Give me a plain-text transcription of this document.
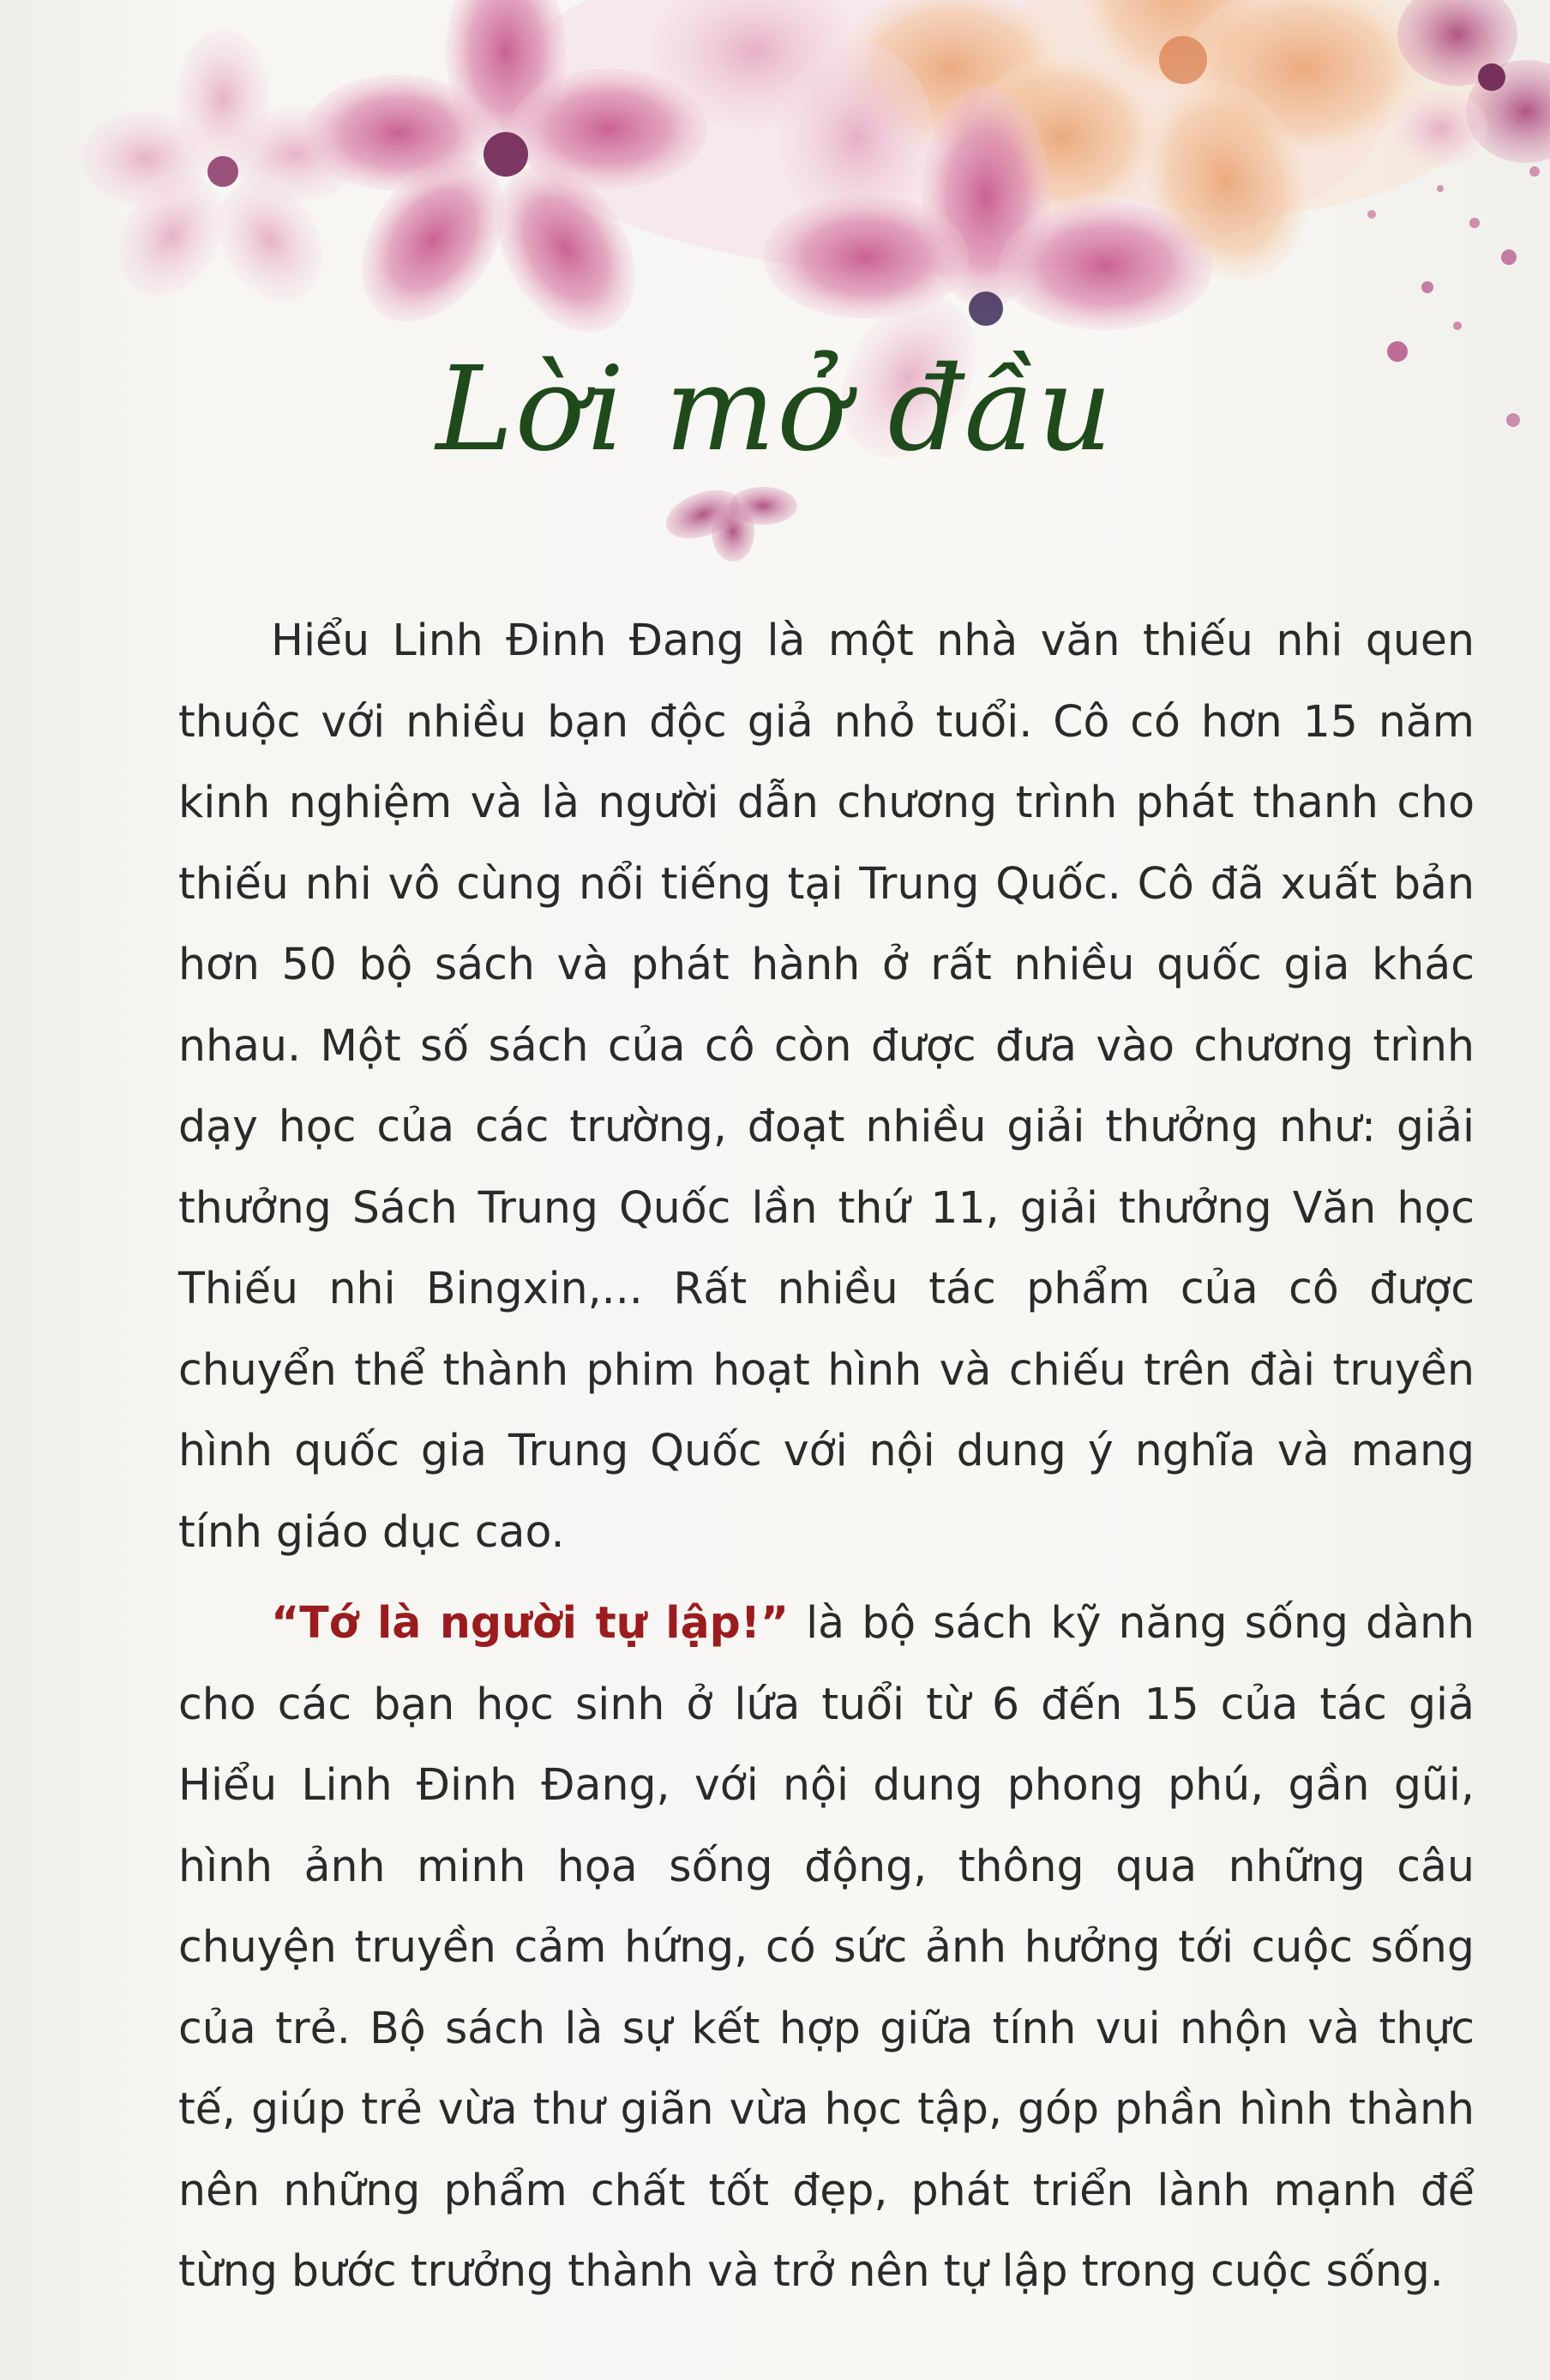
Lời mở đầu

Hiểu Linh Đinh Đang là một nhà văn thiếu nhi quen thuộc với nhiều bạn độc giả nhỏ tuổi. Cô có hơn 15 năm kinh nghiệm và là người dẫn chương trình phát thanh cho thiếu nhi vô cùng nổi tiếng tại Trung Quốc. Cô đã xuất bản hơn 50 bộ sách và phát hành ở rất nhiều quốc gia khác nhau. Một số sách của cô còn được đưa vào chương trình dạy học của các trường, đoạt nhiều giải thưởng như: giải thưởng Sách Trung Quốc lần thứ 11, giải thưởng Văn học Thiếu nhi Bingxin,... Rất nhiều tác phẩm của cô được chuyển thể thành phim hoạt hình và chiếu trên đài truyền hình quốc gia Trung Quốc với nội dung ý nghĩa và mang tính giáo dục cao.

“Tớ là người tự lập!” là bộ sách kỹ năng sống dành cho các bạn học sinh ở lứa tuổi từ 6 đến 15 của tác giả Hiểu Linh Đinh Đang, với nội dung phong phú, gần gũi, hình ảnh minh họa sống động, thông qua những câu chuyện truyền cảm hứng, có sức ảnh hưởng tới cuộc sống của trẻ. Bộ sách là sự kết hợp giữa tính vui nhộn và thực tế, giúp trẻ vừa thư giãn vừa học tập, góp phần hình thành nên những phẩm chất tốt đẹp, phát triển lành mạnh để từng bước trưởng thành và trở nên tự lập trong cuộc sống.
